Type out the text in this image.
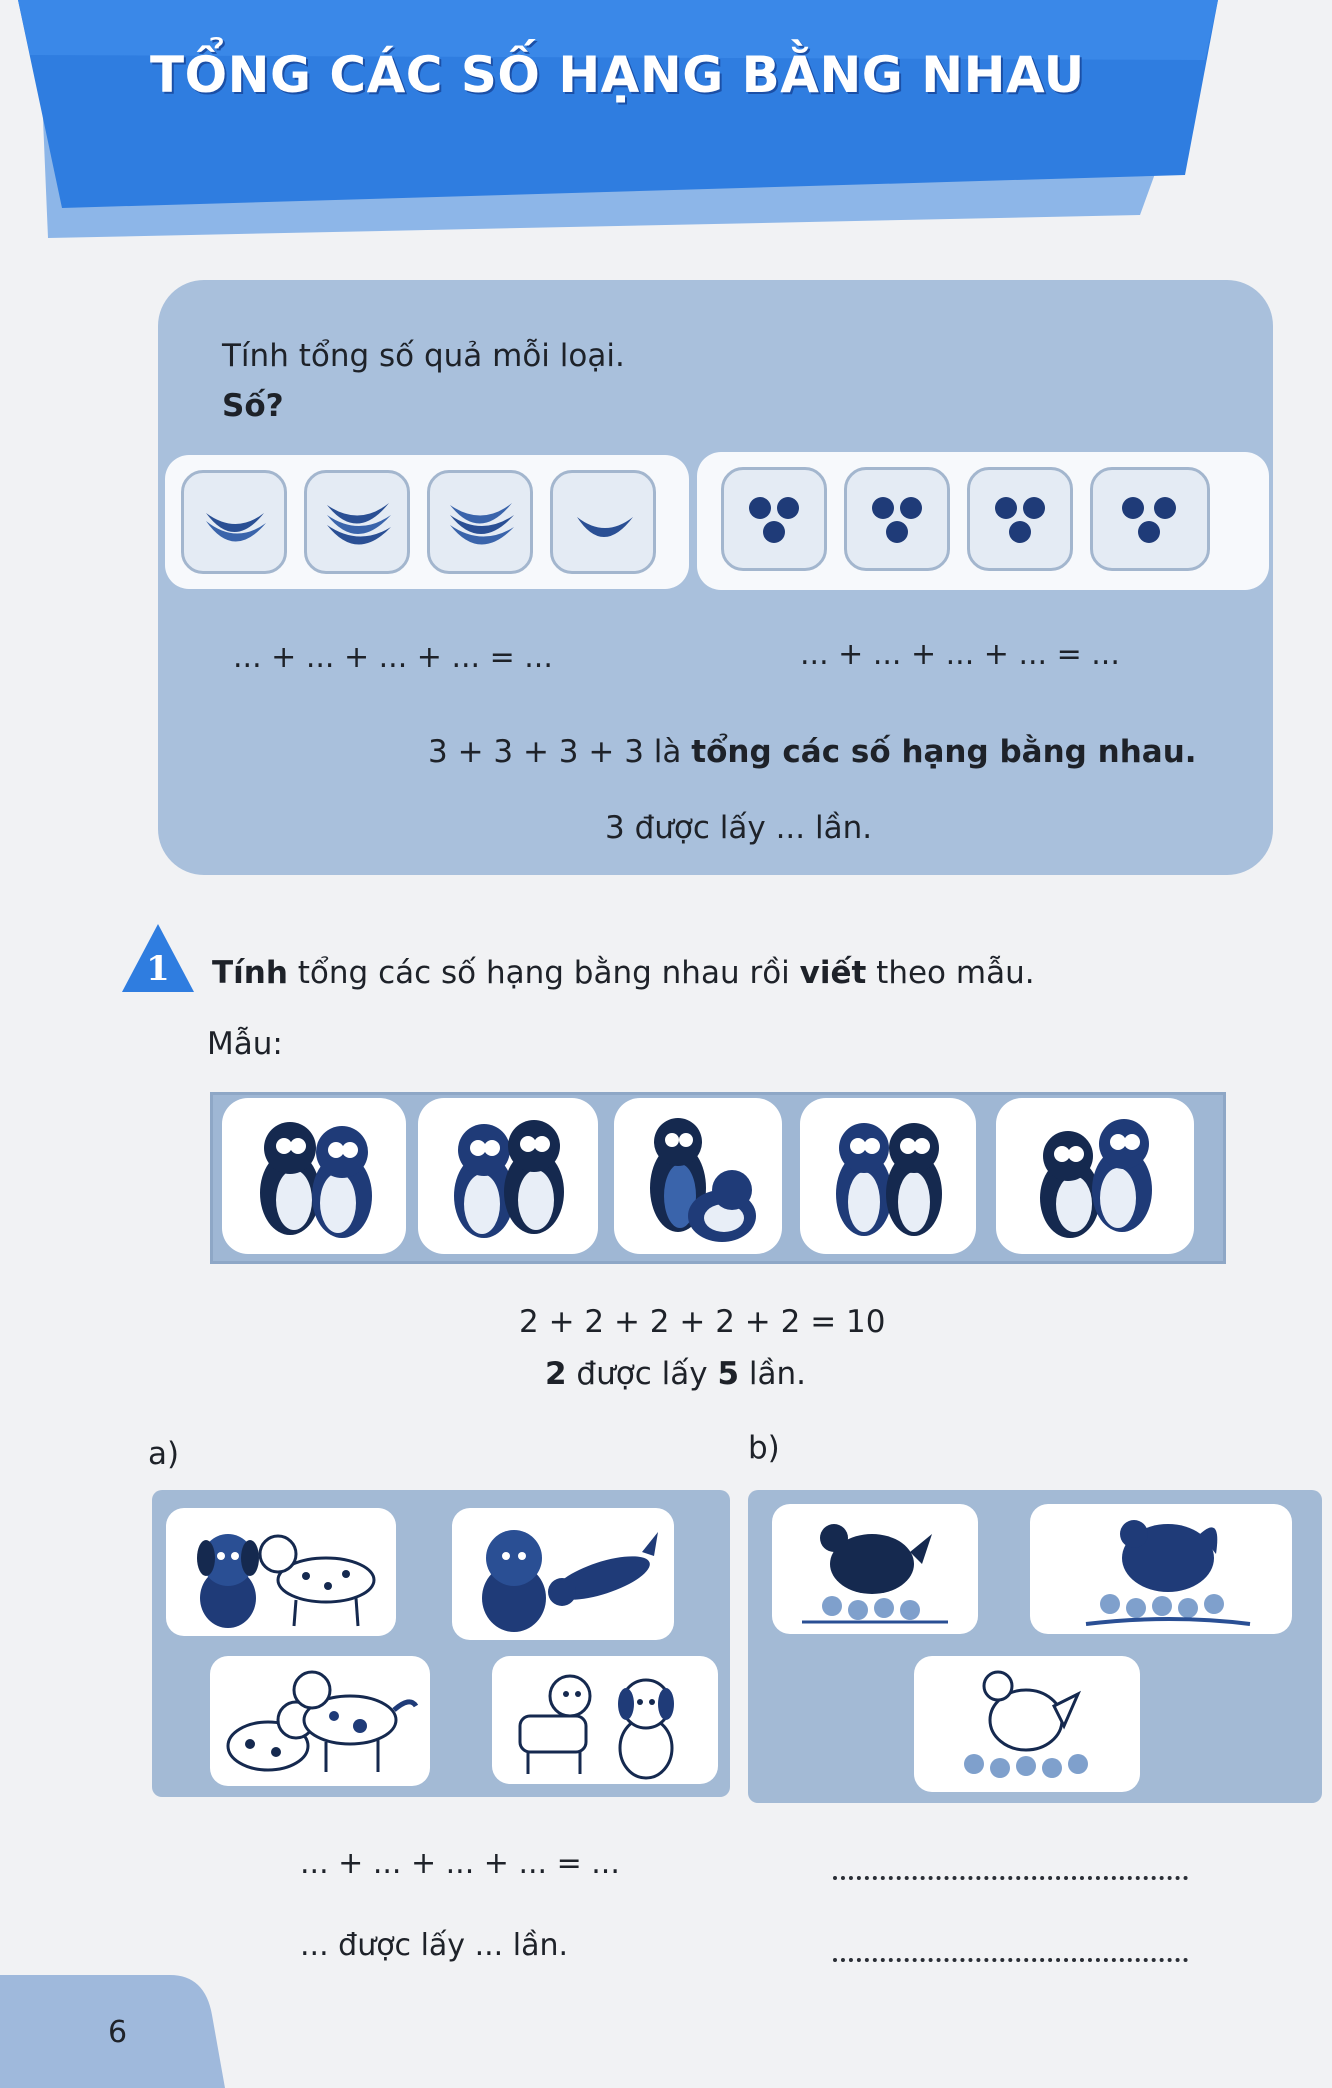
TỔNG CÁC SỐ HẠNG BẰNG NHAU
Tính tổng số quả mỗi loại.
Số?
... + ... + ... + ... = ...	... + ... + ... + ... = ...
3 + 3 + 3 + 3 là tổng các số hạng bằng nhau.
3 được lấy ... lần.
1 Tính tổng các số hạng bằng nhau rồi viết theo mẫu.
Mẫu:
2 + 2 + 2 + 2 + 2 = 10
2 được lấy 5 lần.
a)	b)
... + ... + ... + ... = ...
... được lấy ... lần.
6
